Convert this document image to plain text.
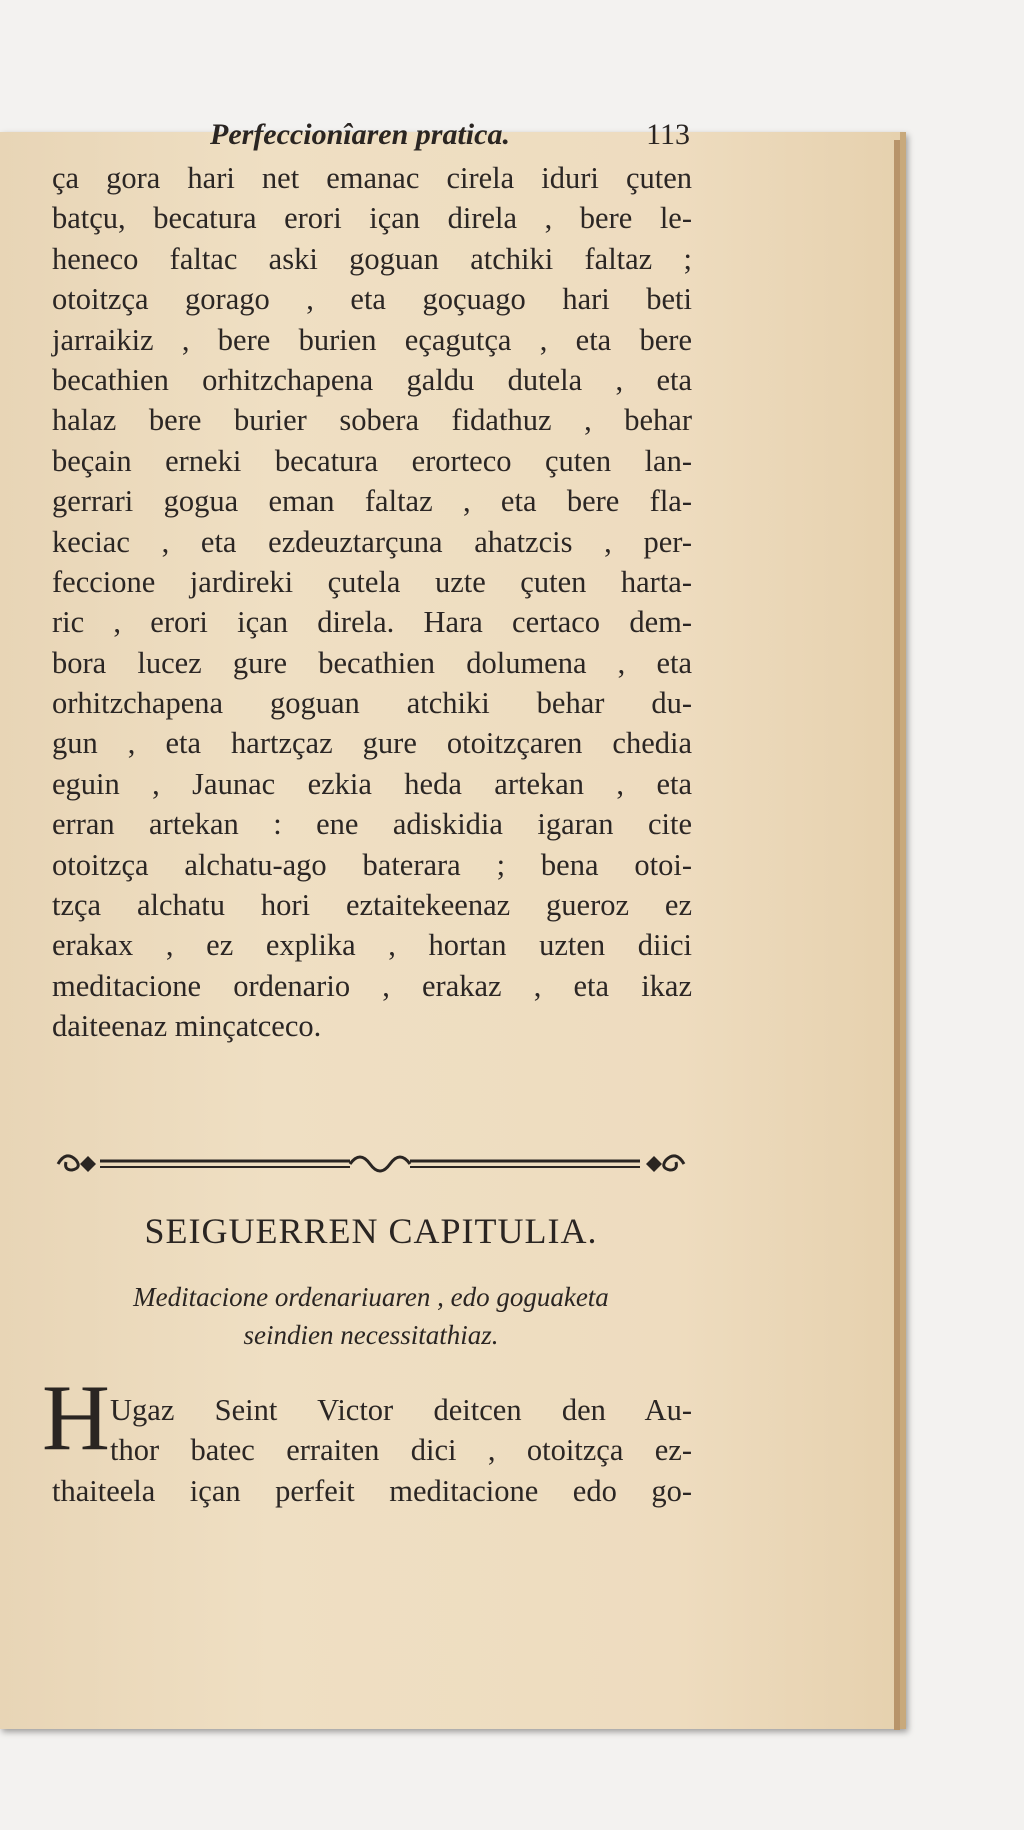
Perfeccionîaren pratica.	113
ça gora hari net emanac cirela iduri çuten
batçu, becatura erori içan direla , bere le-
heneco faltac aski goguan atchiki faltaz ;
otoitzça gorago , eta goçuago hari beti
jarraikiz , bere burien eçagutça , eta bere
becathien orhitzchapena galdu dutela , eta
halaz bere burier sobera fidathuz , behar
beçain erneki becatura erorteco çuten lan-
gerrari gogua eman faltaz , eta bere fla-
keciac , eta ezdeuztarçuna ahatzcis , per-
feccione jardireki çutela uzte çuten harta-
ric , erori içan direla. Hara certaco dem-
bora lucez gure becathien dolumena , eta
orhitzchapena goguan atchiki behar du-
gun , eta hartzçaz gure otoitzçaren chedia
eguin , Jaunac ezkia heda artekan , eta
erran artekan : ene adiskidia igaran cite
otoitzça alchatu-ago baterara ; bena otoi-
tzça alchatu hori eztaitekeenaz gueroz ez
erakax , ez explika , hortan uzten diici
meditacione ordenario , erakaz , eta ikaz
daiteenaz minçatceco.
SEIGUERREN CAPITULIA.
Meditacione ordenariuaren , edo goguaketa
seindien necessitathiaz.
H Ugaz Seint Victor deitcen den Au-
thor batec erraiten dici , otoitzça ez-
thaiteela içan perfeit meditacione edo go-
